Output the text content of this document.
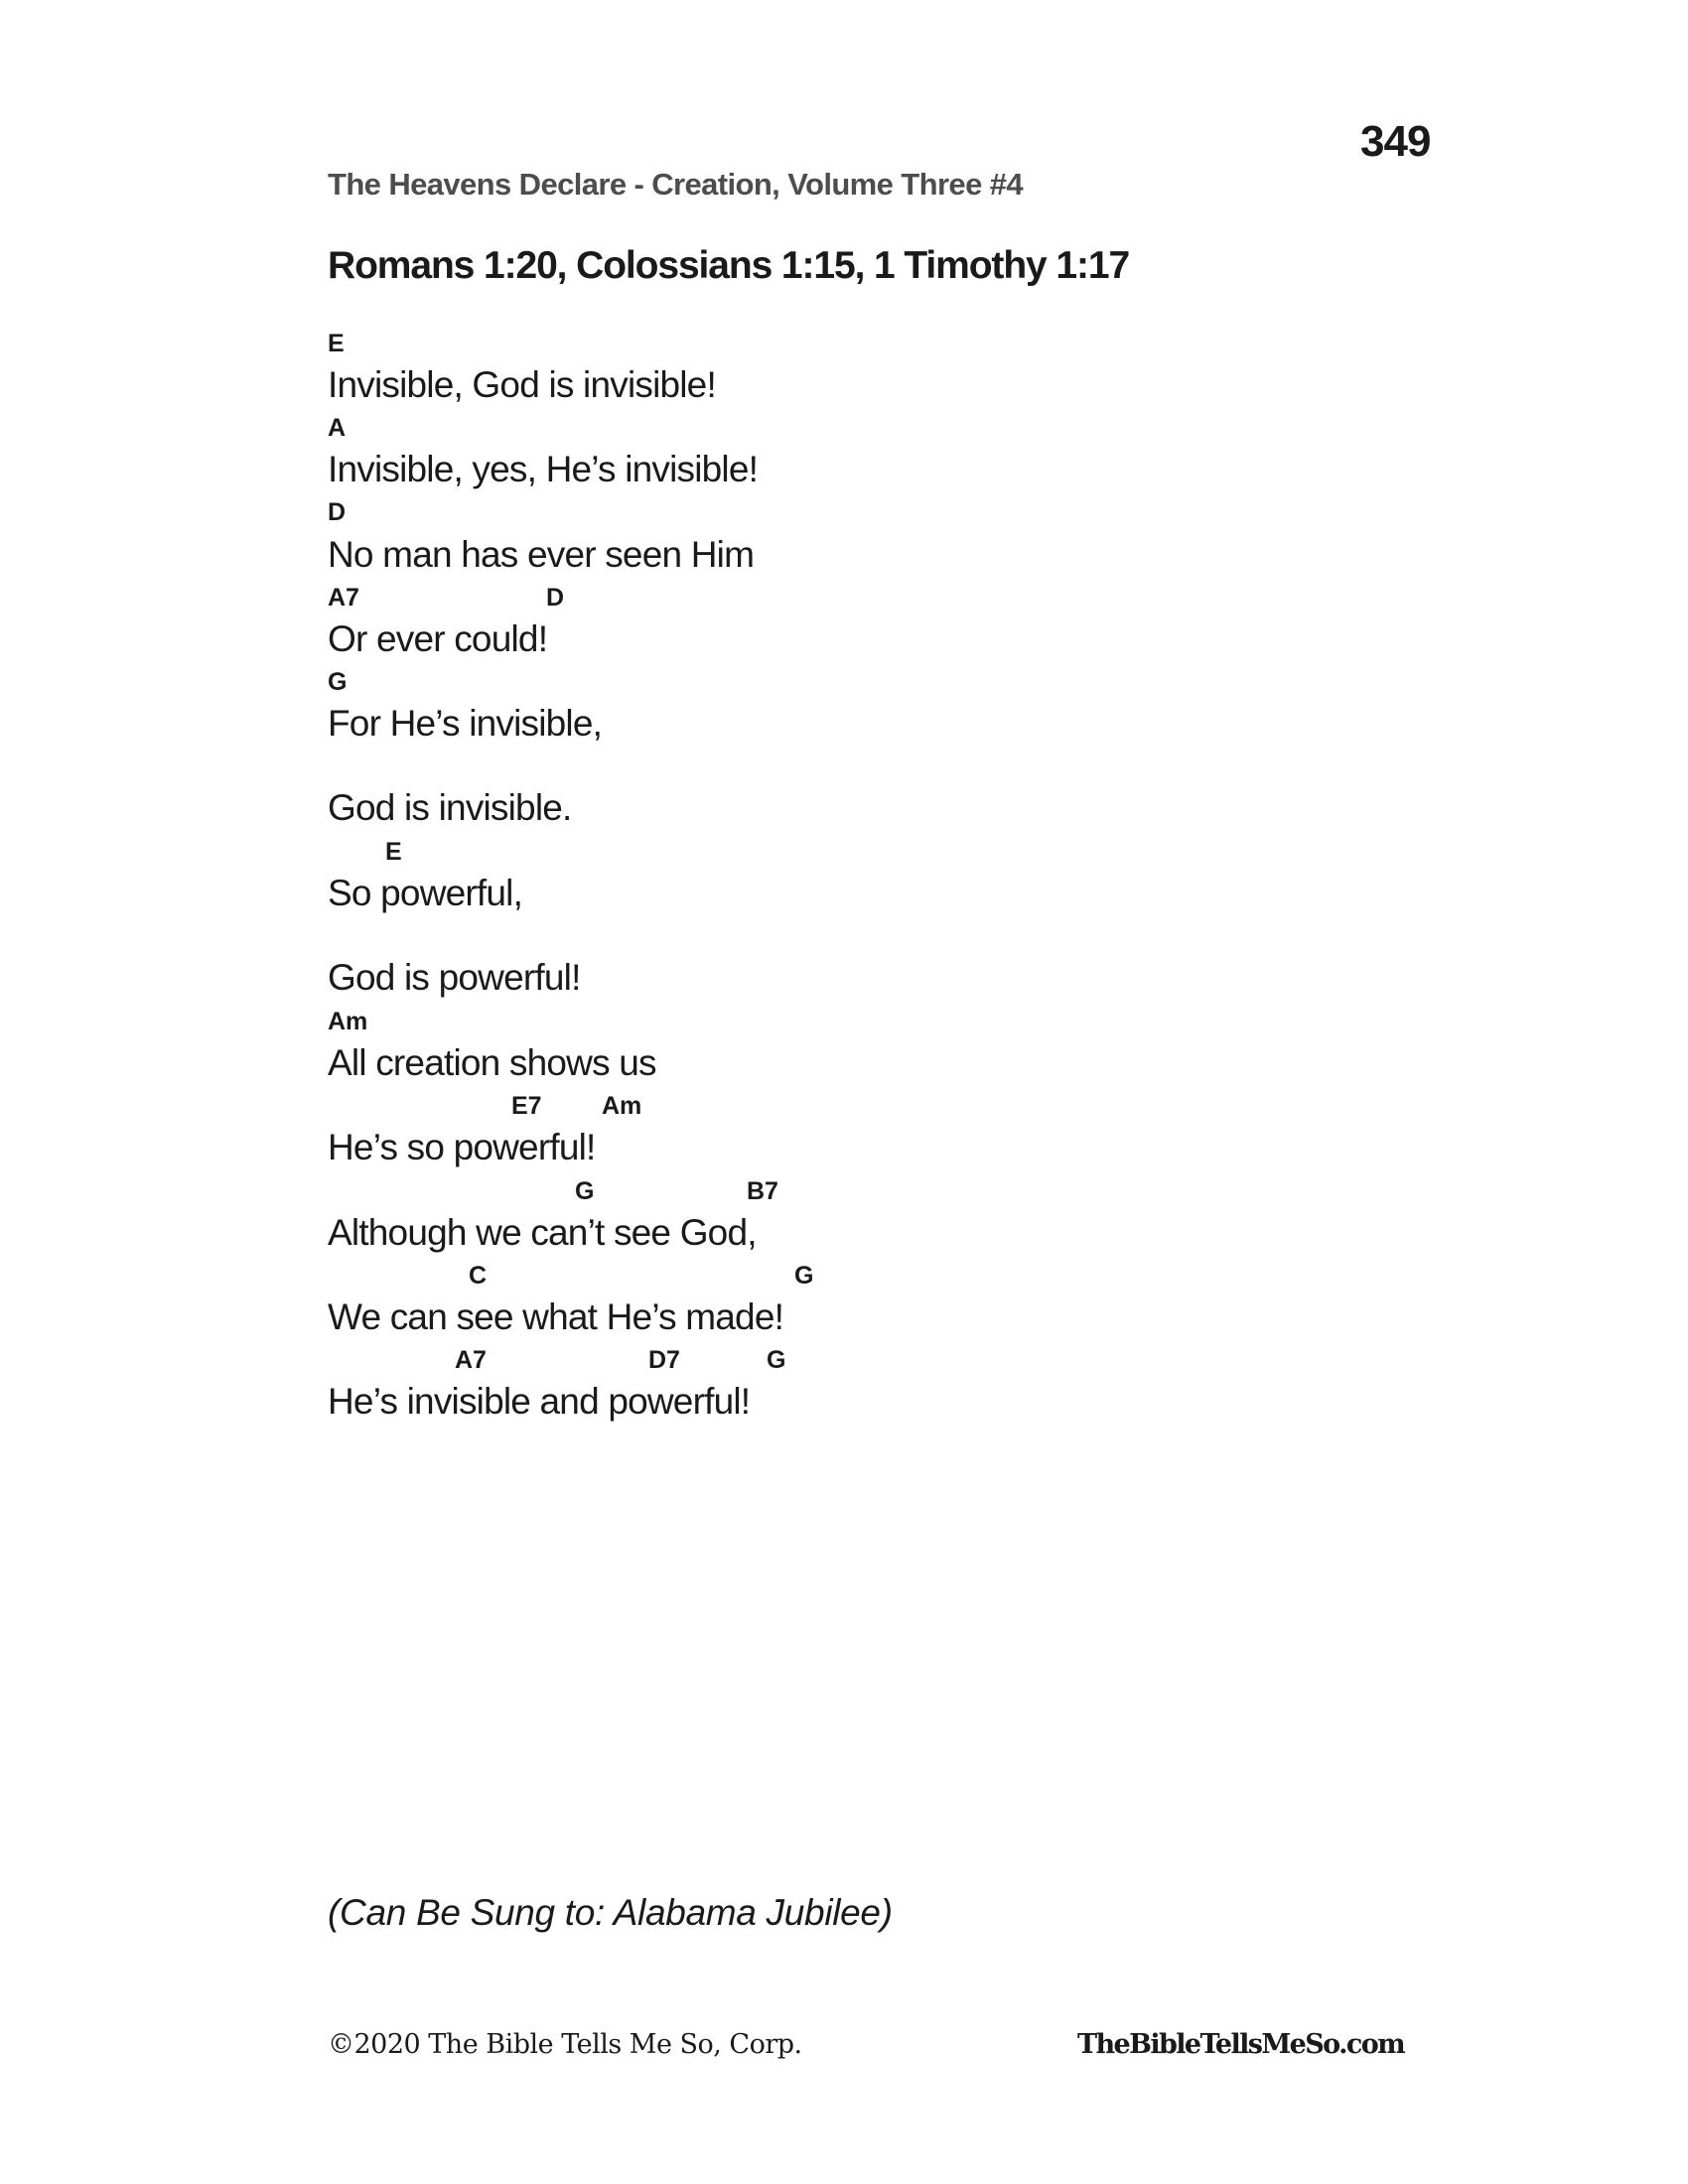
349
The Heavens Declare - Creation, Volume Three #4
Romans 1:20, Colossians 1:15, 1 Timothy 1:17
E
Invisible, God is invisible!
A
Invisible, yes, He’s invisible!
D
No man has ever seen Him
A7	D
Or ever could!
G
For He’s invisible,
God is invisible.
E
So powerful,
God is powerful!
Am
All creation shows us
E7 Am
He’s so powerful!
G	B7
Although we can’t see God,
C	G
We can see what He’s made!
A7	D7	G
He’s invisible and powerful!
(Can Be Sung to: Alabama Jubilee)
©2020 The Bible Tells Me So, Corp.	TheBibleTellsMeSo.com
